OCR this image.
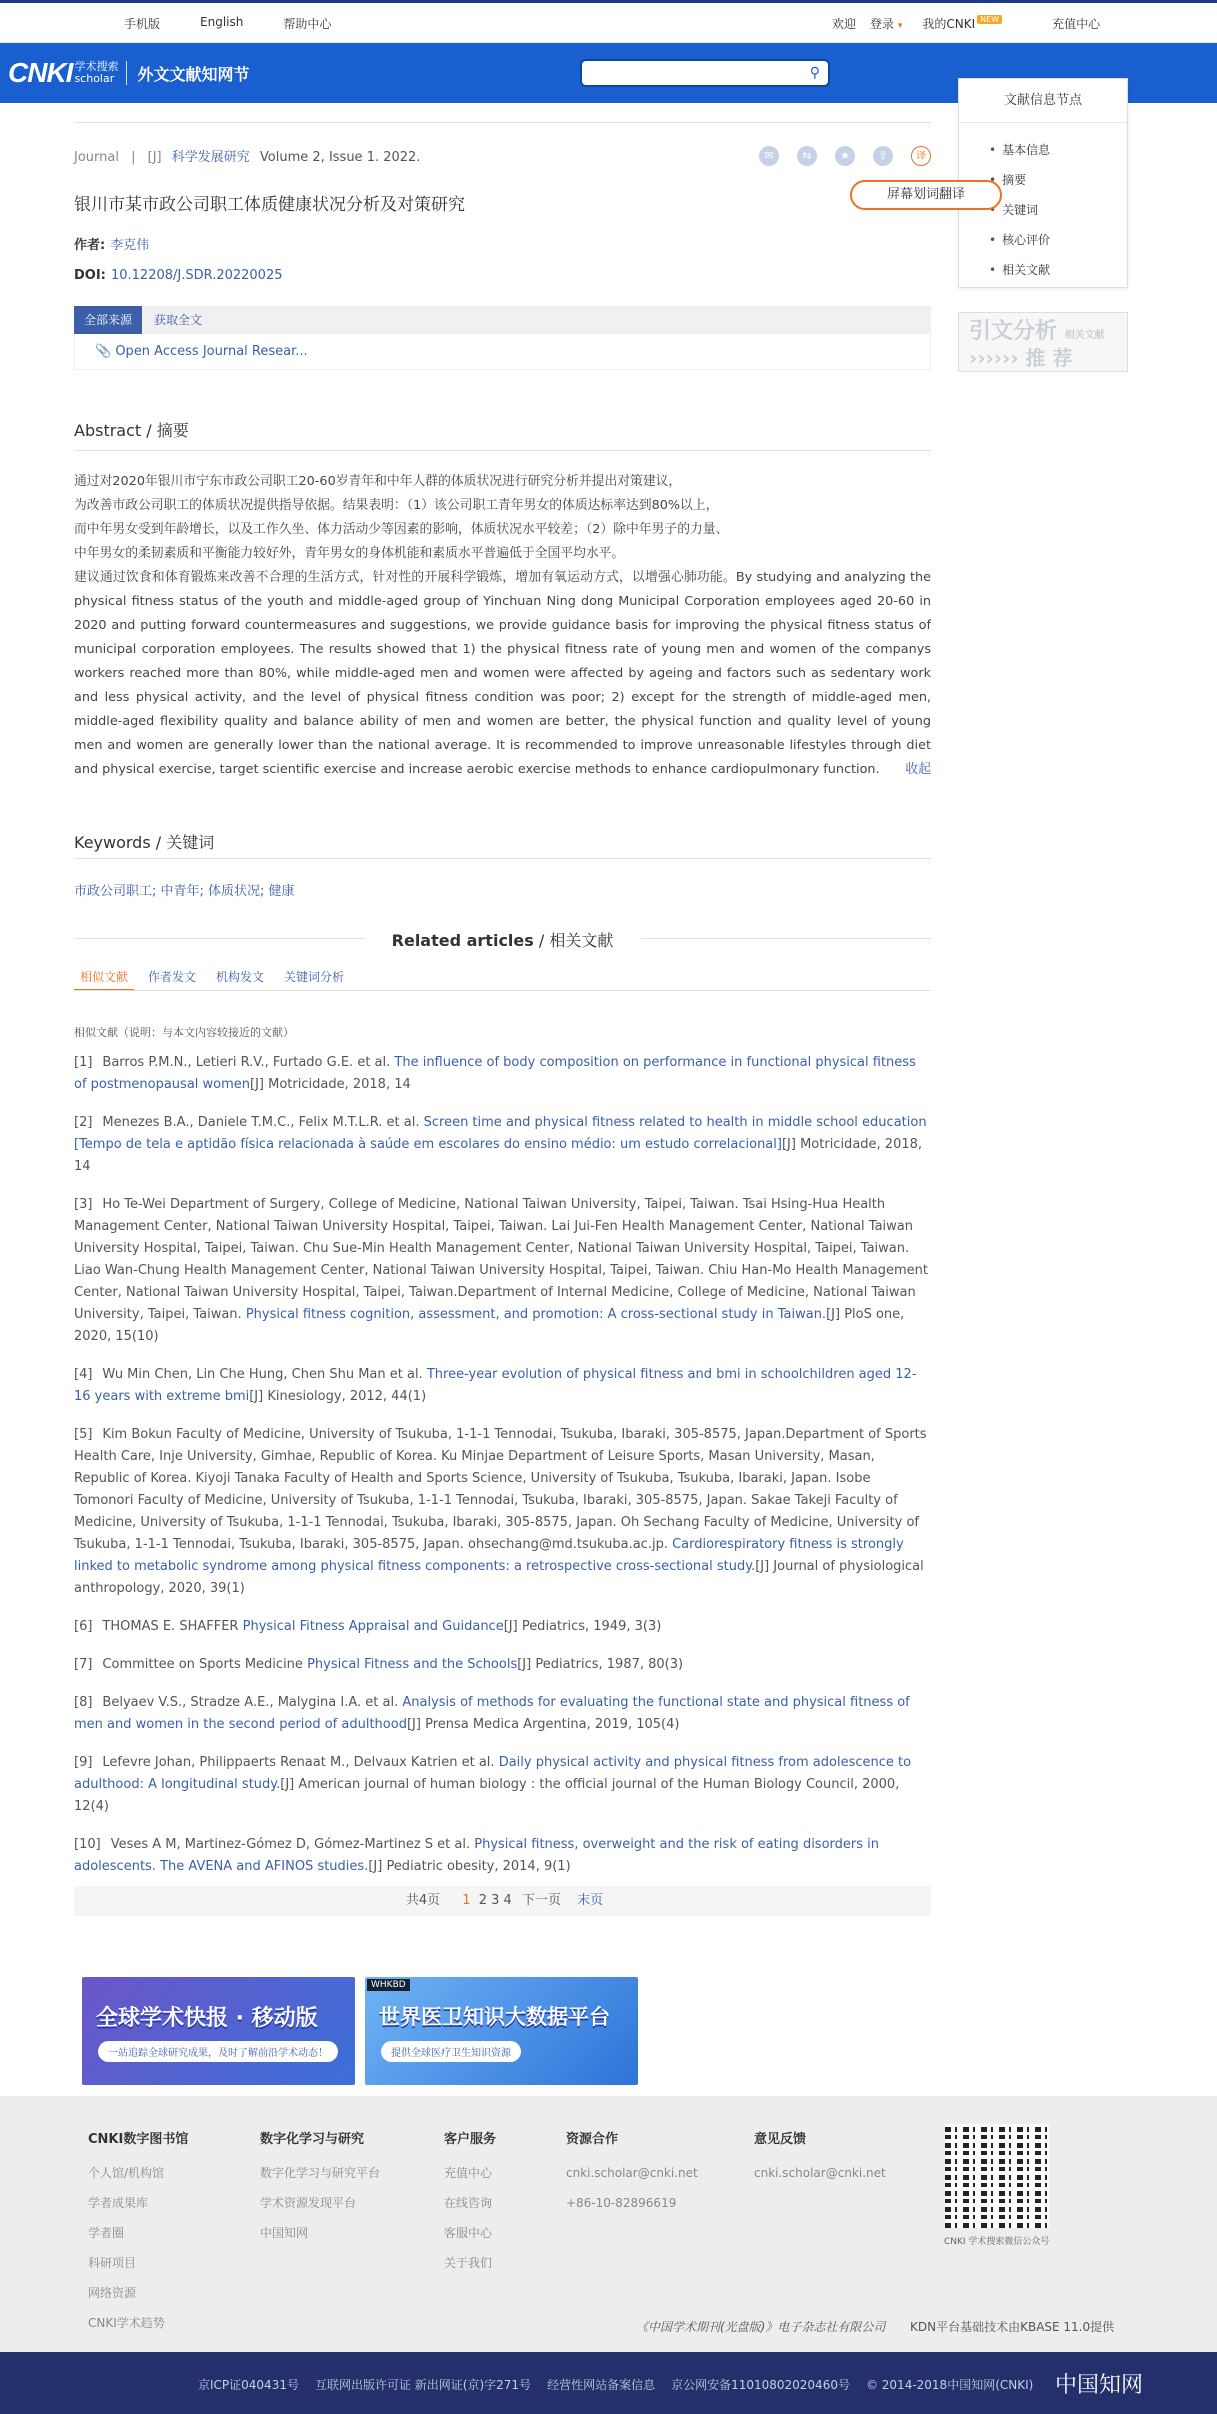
手机版	English	帮助中心	欢迎 登录 ▾ 我的CNKI $^{NEW}$	充值中心
CNKI 学术搜索
scholar	外文文献知网节	⚲
文献信息节点
• 基本信息
• 摘要
• 关键词
• 核心评价
• 相关文献
引文分析 相关文献
›››››› 推 荐
屏幕划词翻译
Journal | [J] 科学发展研究 Volume 2, Issue 1. 2022.	✉	⇆	★	⇪	译
银川市某市政公司职工体质健康状况分析及对策研究
作者: 李克伟
DOI: 10.12208/J.SDR.20220025
全部来源	获取全文
📎 Open Access Journal Resear...
Abstract / 摘要
通过对2020年银川市宁东市政公司职工20-60岁青年和中年人群的体质状况进行研究分析并提出对策建议，
为改善市政公司职工的体质状况提供指导依据。结果表明：（1）该公司职工青年男女的体质达标率达到80%以上，
而中年男女受到年龄增长，以及工作久坐、体力活动少等因素的影响，体质状况水平较差；（2）除中年男子的力量、
中年男女的柔韧素质和平衡能力较好外，青年男女的身体机能和素质水平普遍低于全国平均水平。
建议通过饮食和体育锻炼来改善不合理的生活方式，针对性的开展科学锻炼，增加有氧运动方式，以增强心肺功能。By studying and analyzing the physical fitness status of the youth and middle-aged group of Yinchuan Ning dong Municipal Corporation employees aged 20-60 in 2020 and putting forward countermeasures and suggestions, we provide guidance basis for improving the physical fitness status of municipal corporation employees. The results showed that 1) the physical fitness rate of young men and women of the companys workers reached more than 80%, while middle-aged men and women were affected by ageing and factors such as sedentary work and less physical activity, and the level of physical fitness condition was poor; 2) except for the strength of middle-aged men, middle-aged flexibility quality and balance ability of men and women are better, the physical function and quality level of young men and women are generally lower than the national average. It is recommended to improve unreasonable lifestyles through diet and physical exercise, target scientific exercise and increase aerobic exercise methods to enhance cardiopulmonary function. 收起
Keywords / 关键词
市政公司职工; 中青年; 体质状况; 健康
Related articles / 相关文献
相似文献	作者发文	机构发文	关键词分析
相似文献（说明：与本文内容较接近的文献）
[1] Barros P.M.N., Letieri R.V., Furtado G.E. et al. The influence of body composition on performance in functional physical fitness of postmenopausal women[J] Motricidade, 2018, 14
[2] Menezes B.A., Daniele T.M.C., Felix M.T.L.R. et al. Screen time and physical fitness related to health in middle school education [Tempo de tela e aptidão física relacionada à saúde em escolares do ensino médio: um estudo correlacional][J] Motricidade, 2018, 14
[3] Ho Te-Wei Department of Surgery, College of Medicine, National Taiwan University, Taipei, Taiwan. Tsai Hsing-Hua Health Management Center, National Taiwan University Hospital, Taipei, Taiwan. Lai Jui-Fen Health Management Center, National Taiwan University Hospital, Taipei, Taiwan. Chu Sue-Min Health Management Center, National Taiwan University Hospital, Taipei, Taiwan. Liao Wan-Chung Health Management Center, National Taiwan University Hospital, Taipei, Taiwan. Chiu Han-Mo Health Management Center, National Taiwan University Hospital, Taipei, Taiwan.Department of Internal Medicine, College of Medicine, National Taiwan University, Taipei, Taiwan. Physical fitness cognition, assessment, and promotion: A cross-sectional study in Taiwan.[J] PloS one, 2020, 15(10)
[4] Wu Min Chen, Lin Che Hung, Chen Shu Man et al. Three-year evolution of physical fitness and bmi in schoolchildren aged 12-16 years with extreme bmi[J] Kinesiology, 2012, 44(1)
[5] Kim Bokun Faculty of Medicine, University of Tsukuba, 1-1-1 Tennodai, Tsukuba, Ibaraki, 305-8575, Japan.Department of Sports Health Care, Inje University, Gimhae, Republic of Korea. Ku Minjae Department of Leisure Sports, Masan University, Masan, Republic of Korea. Kiyoji Tanaka Faculty of Health and Sports Science, University of Tsukuba, Tsukuba, Ibaraki, Japan. Isobe Tomonori Faculty of Medicine, University of Tsukuba, 1-1-1 Tennodai, Tsukuba, Ibaraki, 305-8575, Japan. Sakae Takeji Faculty of Medicine, University of Tsukuba, 1-1-1 Tennodai, Tsukuba, Ibaraki, 305-8575, Japan. Oh Sechang Faculty of Medicine, University of Tsukuba, 1-1-1 Tennodai, Tsukuba, Ibaraki, 305-8575, Japan. ohsechang@md.tsukuba.ac.jp. Cardiorespiratory fitness is strongly linked to metabolic syndrome among physical fitness components: a retrospective cross-sectional study.[J] Journal of physiological anthropology, 2020, 39(1)
[6] THOMAS E. SHAFFER Physical Fitness Appraisal and Guidance[J] Pediatrics, 1949, 3(3)
[7] Committee on Sports Medicine Physical Fitness and the Schools[J] Pediatrics, 1987, 80(3)
[8] Belyaev V.S., Stradze A.E., Malygina I.A. et al. Analysis of methods for evaluating the functional state and physical fitness of men and women in the second period of adulthood[J] Prensa Medica Argentina, 2019, 105(4)
[9] Lefevre Johan, Philippaerts Renaat M., Delvaux Katrien et al. Daily physical activity and physical fitness from adolescence to adulthood: A longitudinal study.[J] American journal of human biology : the official journal of the Human Biology Council, 2000, 12(4)
[10] Veses A M, Martinez-Gómez D, Gómez-Martinez S et al. Physical fitness, overweight and the risk of eating disorders in adolescents. The AVENA and AFINOS studies.[J] Pediatric obesity, 2014, 9(1)
共4页 1 2 3 4 下一页 末页
全球学术快报 · 移动版
一站追踪全球研究成果，及时了解前沿学术动态！
WHKBD
世界医卫知识大数据平台
提供全球医疗卫生知识资源
CNKI数字图书馆
个人馆/机构馆
学者成果库
学者圈
科研项目
网络资源
CNKI学术趋势
数字化学习与研究
数字化学习与研究平台
学术资源发现平台
中国知网
客户服务
充值中心
在线咨询
客服中心
关于我们
资源合作
cnki.scholar@cnki.net
+86-10-82896619
意见反馈
cnki.scholar@cnki.net
CNKI 学术搜索微信公众号
《中国学术期刊(光盘版)》电子杂志社有限公司 KDN平台基础技术由KBASE 11.0提供
京ICP证040431号 互联网出版许可证 新出网证(京)字271号 经营性网站备案信息 京公网安备11010802020460号 © 2014-2018中国知网(CNKI) 中国知网
